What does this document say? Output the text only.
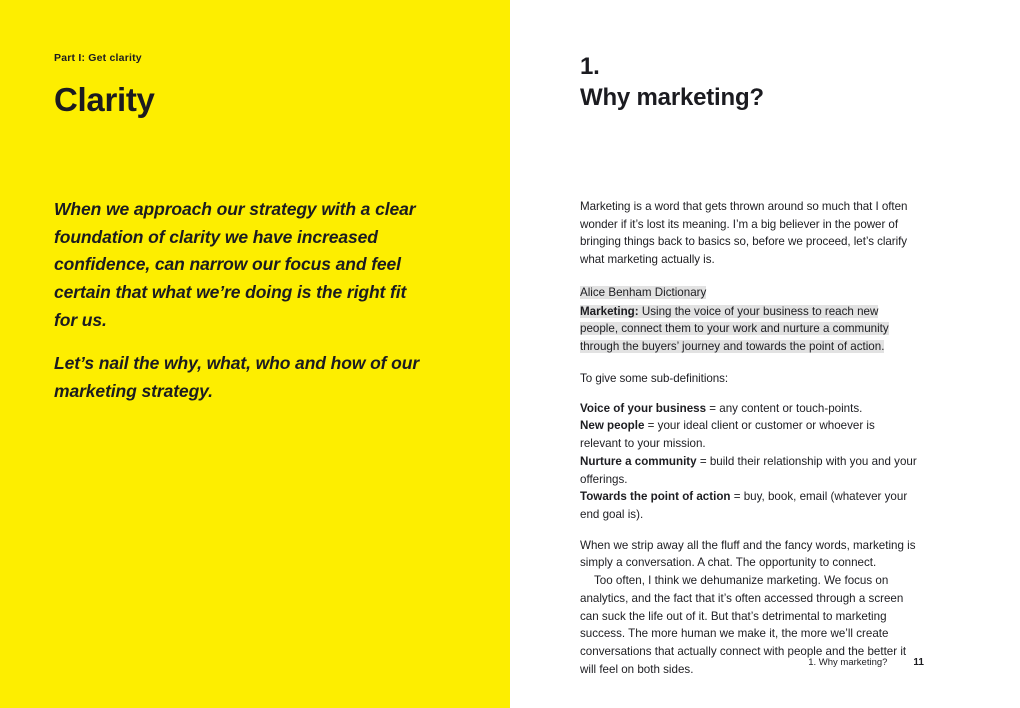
Part I: Get clarity
Clarity
When we approach our strategy with a clear foundation of clarity we have increased confidence, can narrow our focus and feel certain that what we’re doing is the right fit for us.
Let’s nail the why, what, who and how of our marketing strategy.
1.
Why marketing?

Marketing is a word that gets thrown around so much that I often wonder if it’s lost its meaning. I’m a big believer in the power of bringing things back to basics so, before we proceed, let’s clarify what marketing actually is.

Alice Benham Dictionary
Marketing: Using the voice of your business to reach new people, connect them to your work and nurture a community through the buyers’ journey and towards the point of action.

To give some sub-definitions:

Voice of your business = any content or touch-points.
New people = your ideal client or customer or whoever is relevant to your mission.
Nurture a community = build their relationship with you and your offerings.
Towards the point of action = buy, book, email (whatever your end goal is).

When we strip away all the fluff and the fancy words, marketing is simply a conversation. A chat. The opportunity to connect.

Too often, I think we dehumanize marketing. We focus on analytics, and the fact that it’s often accessed through a screen can suck the life out of it. But that’s detrimental to marketing success. The more human we make it, the more we’ll create conversations that actually connect with people and the better it will feel on both sides.

1. Why marketing?	11
